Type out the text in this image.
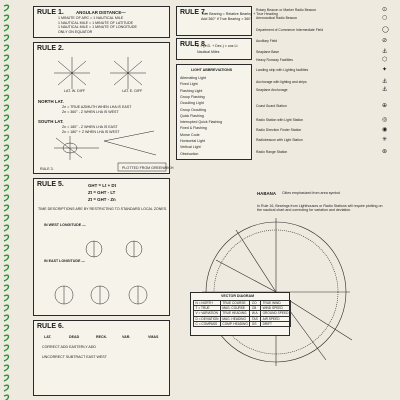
RULE 1.	ANGULAR DISTANCE—
1 MINUTE OF ARC = 1 NAUTICAL MILE
1 NAUTICAL MILE = 1 MINUTE OF LATITUDE
1 NAUTICAL MILE = 1 MINUTE OF LONGITUDE
ONLY ON EQUATOR
RULE 2.
LAT. W. DIFF	LAT. E. DIFF
NORTH LAT.
Zn = TRUE AZIMUTH WHEN LHA IS EAST
Zn = 360° - Z WHEN LHA IS WEST
SOUTH LAT.
Zn = 180° - Z WHEN LHA IS EAST
Zn = 180° + Z WHEN LHA IS WEST
RULE 3.	PLOTTED FROM GREENWICH
RULE 5.	GHT = Lt + Dt
Zt = GHT - LT
Zt = GHT - Zn
TIME DESCRIPTIONS ARE BY RESTRICTING TO STANDARD LOCAL ZONES.
IN WEST LONGITUDE —
IN EAST LONGITUDE —
RULE 6.
LAT.	DEAD	RECK.	VAR.	VMAS
CORRECT ADD EASTERLY ADD
UNCORRECT SUBTRACT EAST WEST
RULE 7.
True Bearing = Relative Bearing + True Heading
Add 360° if True Bearing > 360°
RULE 8.
Z = (L.D. + Dec.) × cos Lt
Nautical Miles
LIGHT ABBREVIATIONS
Alternating Light
Fixed Light
Flashing Light
Group Flashing
Occulting Light
Group Occulting
Quick Flashing
Interrupted Quick Flashing
Fixed & Flashing
Morse Code
Horizontal Light
Vertical Light
Obstruction
VECTOR DIAGRAM
N = NORTH	TRUE COURSE	CO	TRUE WIND
T = TRUE	MAG. COURSE	CB	WIND SPEED
V = VARIATION	TRUE HEADING	W.A.	GROUND SPEED
D = DEVIATION	MAG. HEADING	TAS	AIR SPEED
C = COMPASS	COMP. HEADING	GS	DRIFT
Rotary Beacon or Marker Radio Beacon	⊙
Aeronautical Radio Beacon	○
Department of Commerce Intermediate Field	◯
Auxiliary Field	⊘
Seaplane Base	⚓
Heavy Runway Facilities	⬡
Landing strip with Lighting facilities	✦
Anchorage with lighting and strips	⚓
Seaplane Anchorage	⚓
Coast Guard Station	⊕
Radio Station with Light Station	◎
Radio Direction Finder Station	◉
Radiobeacon with Light Station	✳
Radio Range Station	⊛
HABANA Cities emphasized from area symbol
In Rule 16, Bearings from Lighthouses or Radio Stations will require plotting on the nautical chart and correcting for variation and deviation.
